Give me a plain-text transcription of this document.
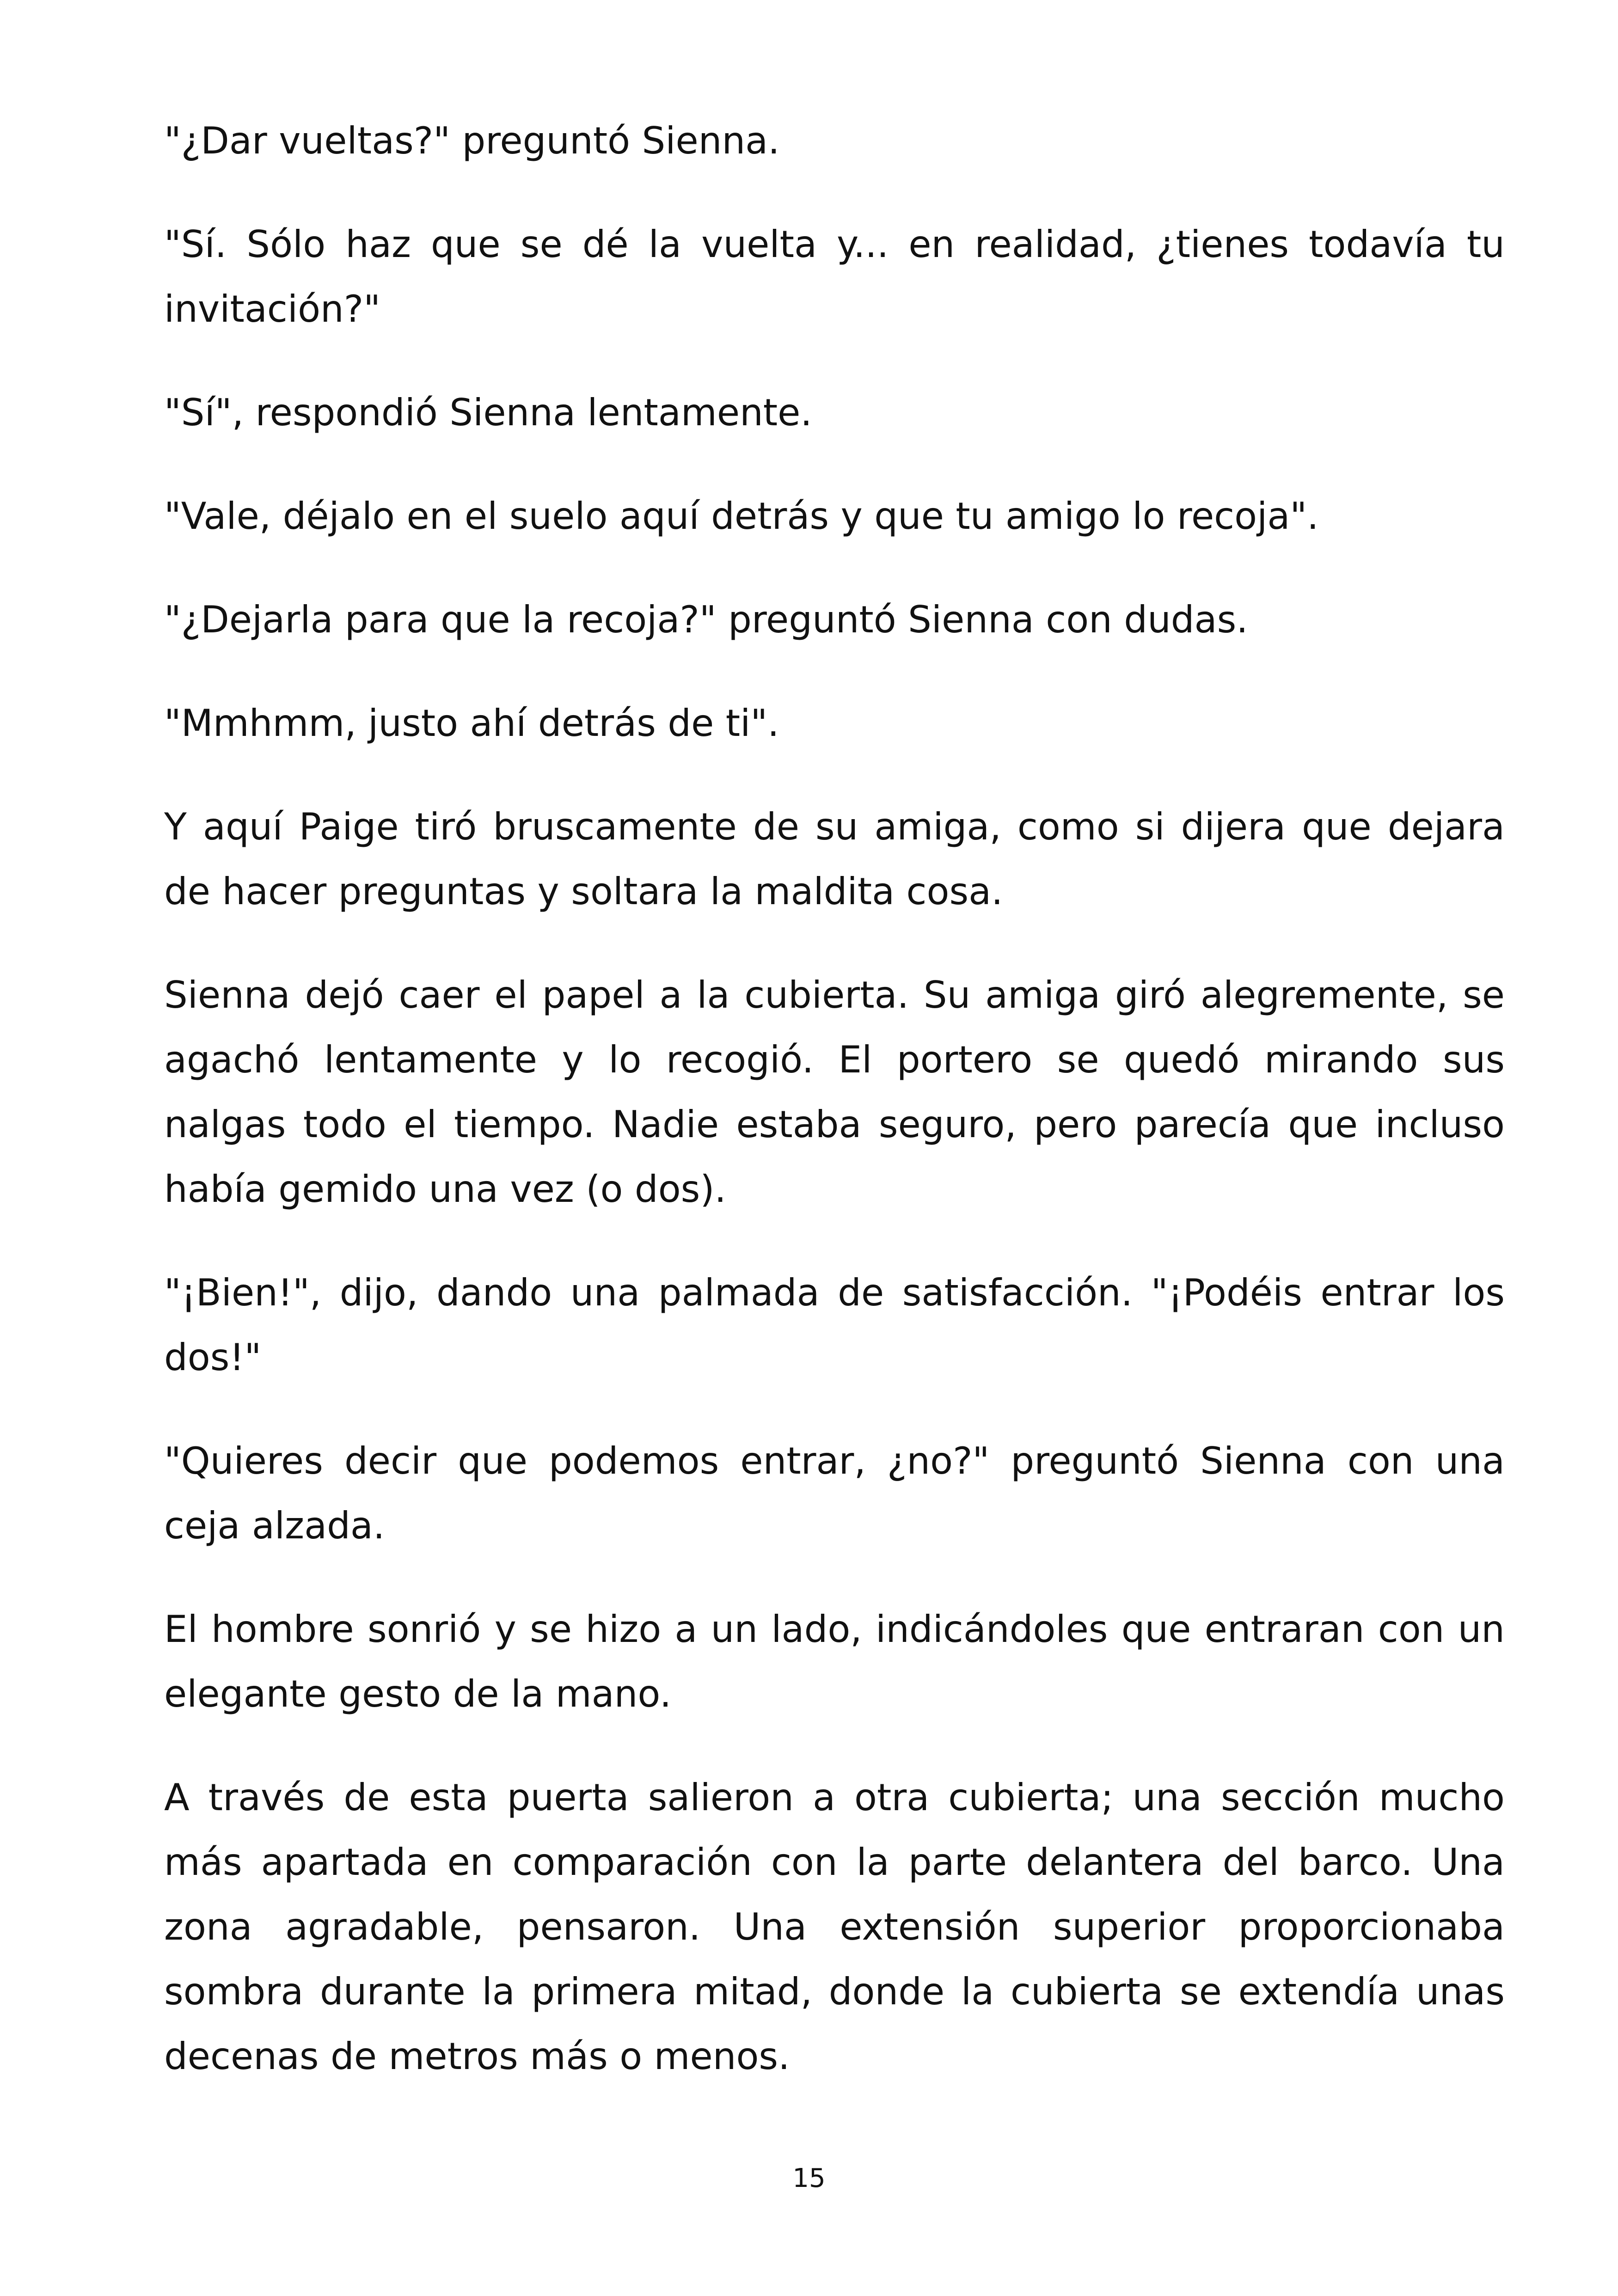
"¿Dar vueltas?" preguntó Sienna.

"Sí. Sólo haz que se dé la vuelta y... en realidad, ¿tienes todavía tu invitación?"

"Sí", respondió Sienna lentamente.

"Vale, déjalo en el suelo aquí detrás y que tu amigo lo recoja".

"¿Dejarla para que la recoja?" preguntó Sienna con dudas.

"Mmhmm, justo ahí detrás de ti".

Y aquí Paige tiró bruscamente de su amiga, como si dijera que dejara de hacer preguntas y soltara la maldita cosa.

Sienna dejó caer el papel a la cubierta. Su amiga giró alegremente, se agachó lentamente y lo recogió. El portero se quedó mirando sus nalgas todo el tiempo. Nadie estaba seguro, pero parecía que incluso había gemido una vez (o dos).

"¡Bien!", dijo, dando una palmada de satisfacción. "¡Podéis entrar los dos!"

"Quieres decir que podemos entrar, ¿no?" preguntó Sienna con una ceja alzada.

El hombre sonrió y se hizo a un lado, indicándoles que entraran con un elegante gesto de la mano.

A través de esta puerta salieron a otra cubierta; una sección mucho más apartada en comparación con la parte delantera del barco. Una zona agradable, pensaron. Una extensión superior proporcionaba sombra durante la primera mitad, donde la cubierta se extendía unas decenas de metros más o menos.

15
